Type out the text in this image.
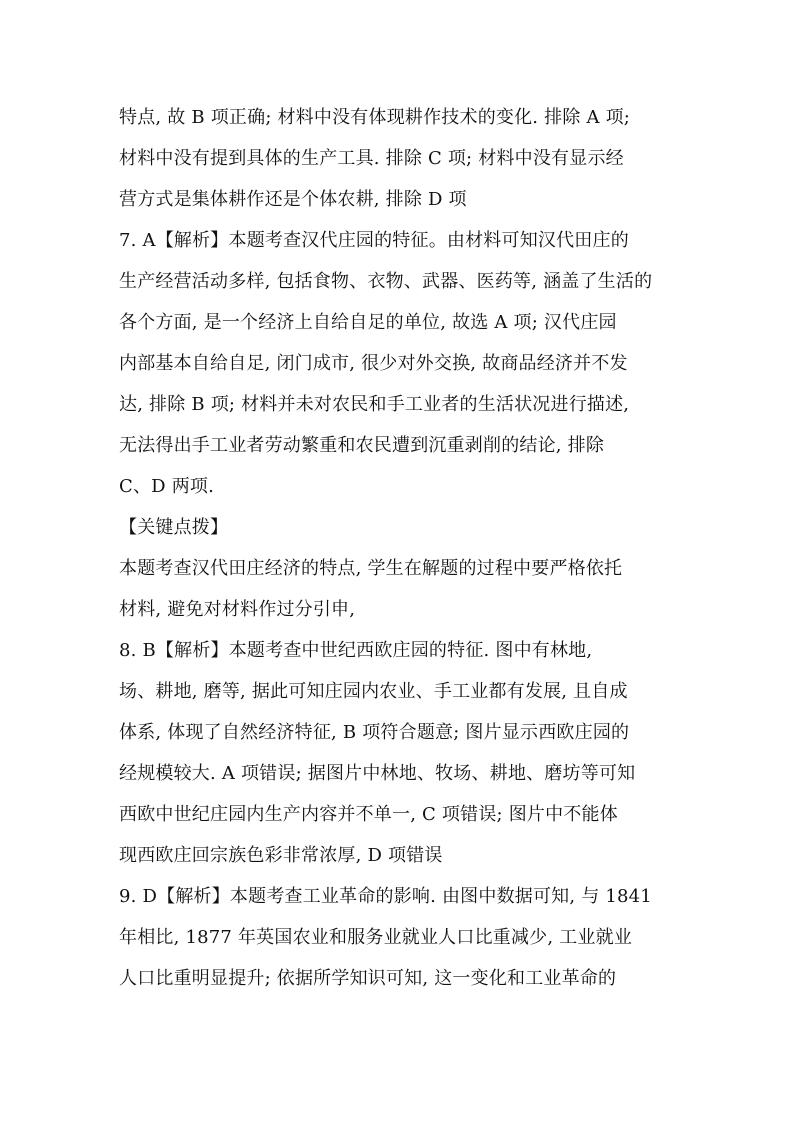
特点, 故 B 项正确; 材料中没有体现耕作技术的变化. 排除 A 项;
材料中没有提到具体的生产工具. 排除 C 项; 材料中没有显示经
营方式是集体耕作还是个体农耕, 排除 D 项
7. A【解析】本题考查汉代庄园的特征。由材料可知汉代田庄的
生产经营活动多样, 包括食物、衣物、武器、医药等, 涵盖了生活的
各个方面, 是一个经济上自给自足的单位, 故选 A 项; 汉代庄园
内部基本自给自足, 闭门成市, 很少对外交换, 故商品经济并不发
达, 排除 B 项; 材料并未对农民和手工业者的生活状况进行描述,
无法得出手工业者劳动繁重和农民遭到沉重剥削的结论, 排除
C、D 两项.
【关键点拨】
本题考查汉代田庄经济的特点, 学生在解题的过程中要严格依托
材料, 避免对材料作过分引申,
8. B【解析】本题考查中世纪西欧庄园的特征. 图中有林地,
场、耕地, 磨等, 据此可知庄园内农业、手工业都有发展, 且自成
体系, 体现了自然经济特征, B 项符合题意; 图片显示西欧庄园的
经规模较大. A 项错误; 据图片中林地、牧场、耕地、磨坊等可知
西欧中世纪庄园内生产内容并不单一, C 项错误; 图片中不能体
现西欧庄回宗族色彩非常浓厚, D 项错误
9. D【解析】本题考查工业革命的影响. 由图中数据可知, 与 1841
年相比, 1877 年英国农业和服务业就业人口比重减少, 工业就业
人口比重明显提升; 依据所学知识可知, 这一变化和工业革命的
